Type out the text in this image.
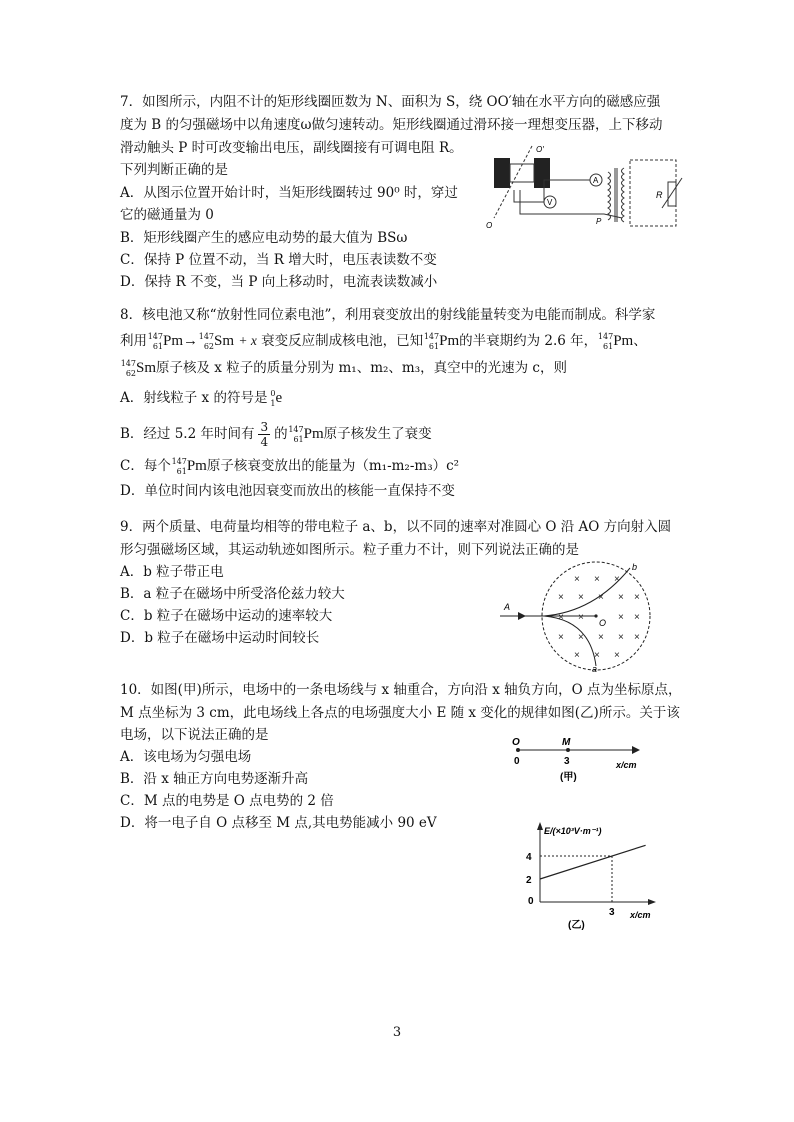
7．如图所示，内阻不计的矩形线圈匝数为 N、面积为 S，绕 OO′轴在水平方向的磁感应强
度为 B 的匀强磁场中以角速度ω做匀速转动。矩形线圈通过滑环接一理想变压器，上下移动
滑动触头 P 时可改变输出电压，副线圈接有可调电阻 R。
下列判断正确的是
A．从图示位置开始计时，当矩形线圈转过 90⁰ 时，穿过
它的磁通量为 0
B．矩形线圈产生的感应电动势的最大值为 BSω
C．保持 P 位置不动，当 R 增大时，电压表读数不变
D．保持 R 不变，当 P 向上移动时，电流表读数减小
O′
O
V
A
P
R
8．核电池又称“放射性同位素电池”，利用衰变放出的射线能量转变为电能而制成。科学家
利用 147
61 Pm→ 147
62 Sm + x 衰变反应制成核电池，已知 147
61 Pm的半衰期约为 2.6 年， 147
61 Pm、
147
62 Sm原子核及 x 粒子的质量分别为 m₁、m₂、m₃，真空中的光速为 c，则
A．射线粒子 x 的符号是 0
1 e
B．经过 5.2 年时间有 $\frac{3}{4}$ 的 147
61 Pm原子核发生了衰变
C．每个 147
61 Pm原子核衰变放出的能量为（m₁-m₂-m₃）c²
D．单位时间内该电池因衰变而放出的核能一直保持不变
9．两个质量、电荷量均相等的带电粒子 a、b，以不同的速率对准圆心 O 沿 AO 方向射入圆
形匀强磁场区域，其运动轨迹如图所示。粒子重力不计，则下列说法正确的是
A．b 粒子带正电
B．a 粒子在磁场中所受洛伦兹力较大
C．b 粒子在磁场中运动的速率较大
D．b 粒子在磁场中运动时间较长
A
O
b
a
× × ×
× × × × ×
× ×	× ×
× × × × ×
× × ×
10．如图(甲)所示，电场中的一条电场线与 x 轴重合，方向沿 x 轴负方向，O 点为坐标原点，
M 点坐标为 3 cm，此电场线上各点的电场强度大小 E 随 x 变化的规律如图(乙)所示。关于该
电场，以下说法正确的是
A．该电场为匀强电场
B．沿 x 轴正方向电势逐渐升高
C．M 点的电势是 O 点电势的 2 倍
D．将一电子自 O 点移至 M 点,其电势能减小 90 eV
O	M
0	3	x/cm
(甲)
E/(×10³V·m⁻¹)
4
2
0
3 x/cm
(乙)
3
